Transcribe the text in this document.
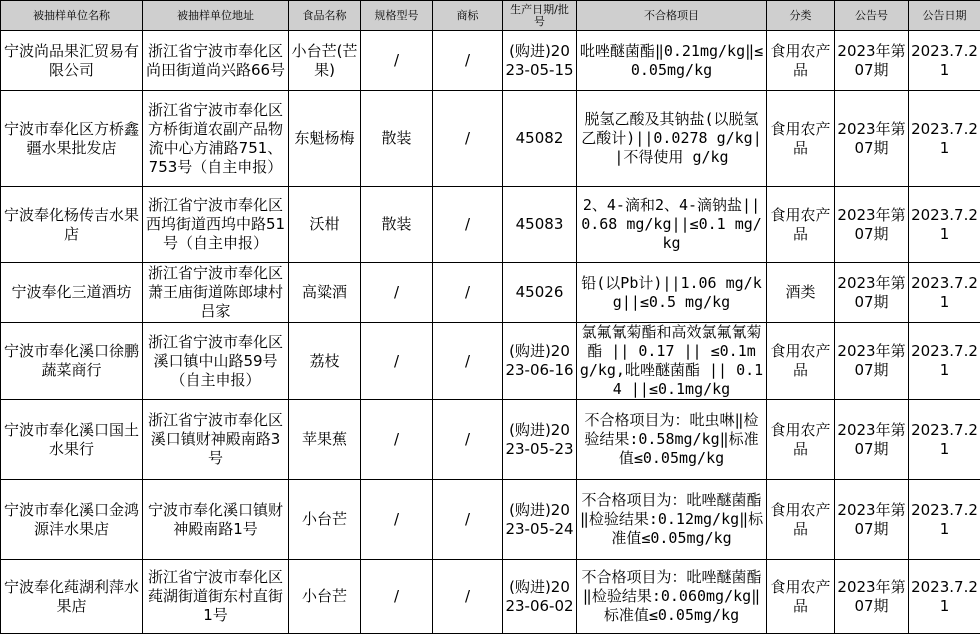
被抽样单位名称	被抽样单位地址	食品名称	规格型号	商标	生产日期/批号	不合格项目	分类	公告号	公告日期
宁波尚品果汇贸易有限公司	浙江省宁波市奉化区尚田街道尚兴路66号	小台芒(芒果)	/	/	(购进)2023-05-15	吡唑醚菌酯‖0.21mg/kg‖≤0.05mg/kg	食用农产品	2023年第07期	2023.7.21
宁波市奉化区方桥鑫疆水果批发店	浙江省宁波市奉化区方桥街道农副产品物流中心方浦路751、753号（自主申报）	东魁杨梅	散装	/	45082	脱氢乙酸及其钠盐(以脱氢乙酸计)||0.0278 g/kg||不得使用 g/kg	食用农产品	2023年第07期	2023.7.21
宁波奉化杨传吉水果店	浙江省宁波市奉化区西坞街道西坞中路51号（自主申报）	沃柑	散装	/	45083	2、4-滴和2、4-滴钠盐||0.68 mg/kg||≤0.1 mg/kg	食用农产品	2023年第07期	2023.7.21
宁波奉化三道酒坊	浙江省宁波市奉化区萧王庙街道陈郎埭村吕家	高粱酒	/	/	45026	铅(以Pb计)||1.06 mg/kg||≤0.5 mg/kg	酒类	2023年第07期	2023.7.21
宁波市奉化溪口徐鹏蔬菜商行	浙江省宁波市奉化区溪口镇中山路59号（自主申报）	荔枝	/	/	(购进)2023-06-16	氯氟氰菊酯和高效氯氟氰菊酯 || 0.17 || ≤0.1mg/kg,吡唑醚菌酯 || 0.14 ||≤0.1mg/kg	食用农产品	2023年第07期	2023.7.21
宁波市奉化溪口国土水果行	浙江省宁波市奉化区溪口镇财神殿南路3号	苹果蕉	/	/	(购进)2023-05-23	不合格项目为：吡虫啉‖检验结果:0.58mg/kg‖标准值≤0.05mg/kg	食用农产品	2023年第07期	2023.7.21
宁波市奉化溪口金鸿源沣水果店	宁波市奉化溪口镇财神殿南路1号	小台芒	/	/	(购进)2023-05-24	不合格项目为：吡唑醚菌酯 ‖检验结果:0.12mg/kg‖标准值≤0.05mg/kg	食用农产品	2023年第07期	2023.7.21
宁波奉化莼湖利萍水果店	浙江省宁波市奉化区莼湖街道街东村直街1号	小台芒	/	/	(购进)2023-06-02	不合格项目为：吡唑醚菌酯 ‖检验结果:0.060mg/kg‖标准值≤0.05mg/kg	食用农产品	2023年第07期	2023.7.21
